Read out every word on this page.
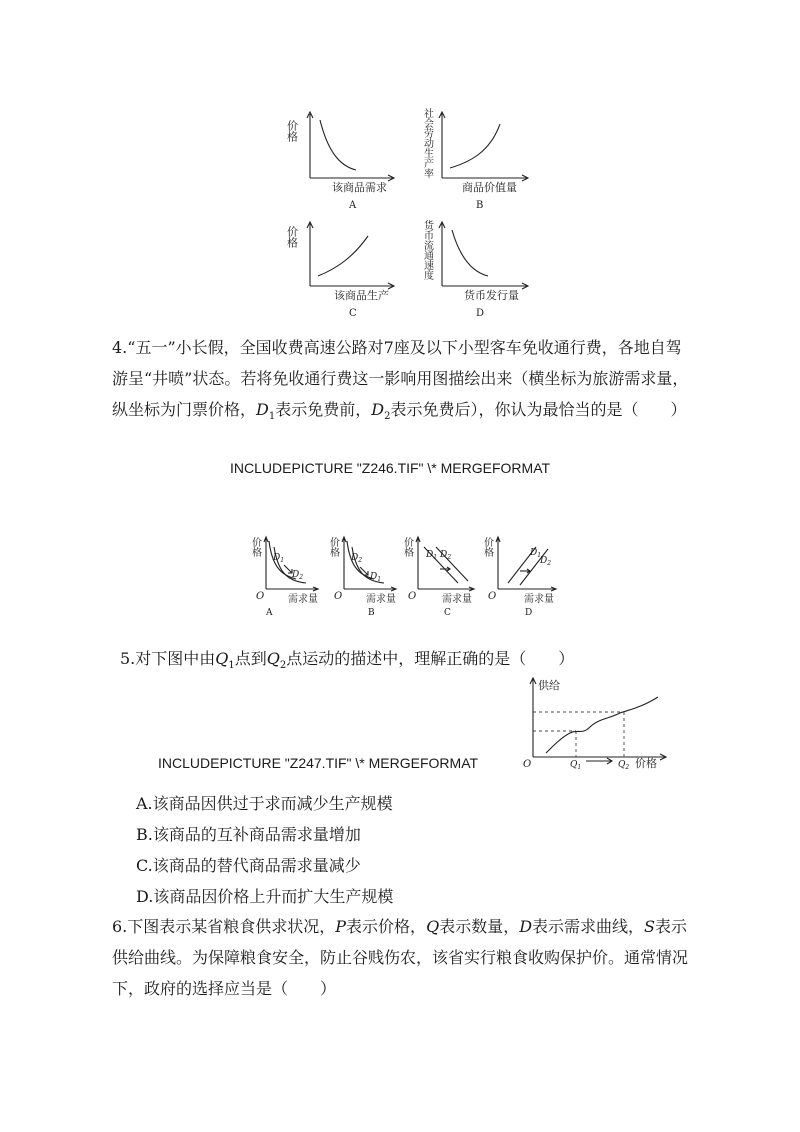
价格
该商品需求
A
社会劳动生产率
商品价值量
B
价格
该商品生产
C
货币流通速度
货币发行量
D

4.“五一”小长假，全国收费高速公路对7座及以下小型客车免收通行费，各地自驾游呈“井喷”状态。若将免收通行费这一影响用图描绘出来（横坐标为旅游需求量，纵坐标为门票价格，$D_1$表示免费前，$D_2$表示免费后），你认为最恰当的是（　　）

INCLUDEPICTURE "Z246.TIF" \* MERGEFORMAT
价格
O
$D_1$
$D_2$
需求量
A
价格
O
$D_2$
$D_1$
需求量
B
价格
O
$D_1$ $D_2$
需求量
C
价格
O
$D_1$
$D_2$
需求量
D

5.对下图中由$Q_1$点到$Q_2$点运动的描述中，理解正确的是（　　）

INCLUDEPICTURE "Z247.TIF" \* MERGEFORMAT
供给
O	$Q_1$	$Q_2$ 价格
A.该商品因供过于求而减少生产规模
B.该商品的互补商品需求量增加
C.该商品的替代商品需求量减少
D.该商品因价格上升而扩大生产规模

6.下图表示某省粮食供求状况，P表示价格，Q表示数量，D表示需求曲线，S表示供给曲线。为保障粮食安全，防止谷贱伤农，该省实行粮食收购保护价。通常情况下，政府的选择应当是（　　）
